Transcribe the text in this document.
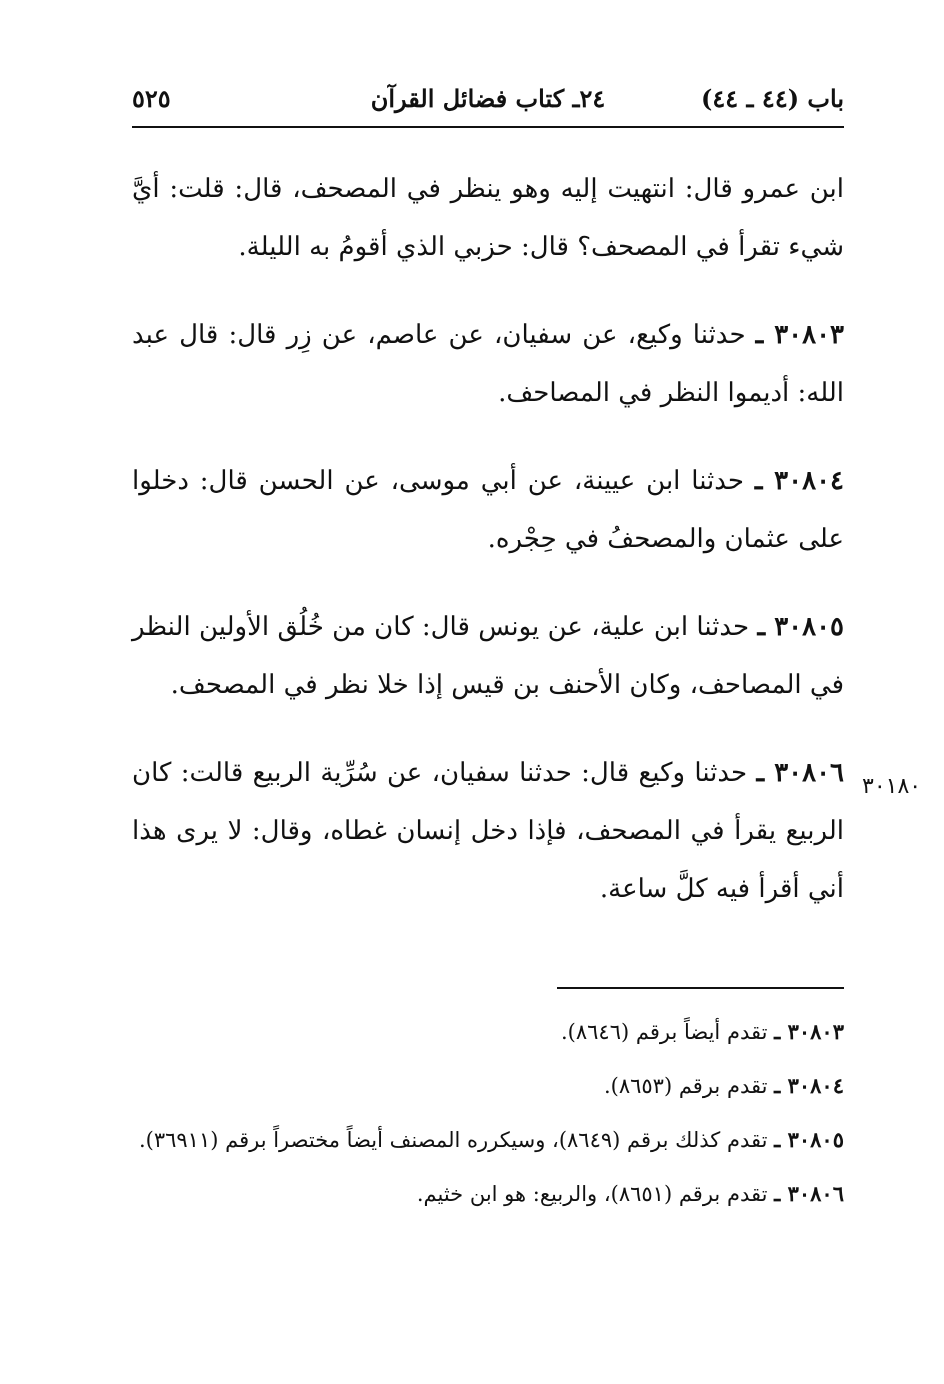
باب (٤٤ ـ ٤٤)
٢٤ـ كتاب فضائل القرآن
٥٢٥

ابن عمرو قال: انتهيت إليه وهو ينظر في المصحف، قال: قلت: أيَّ شيء تقرأ في المصحف؟ قال: حزبي الذي أقومُ به الليلة.

٣٠٨٠٣ ـ حدثنا وكيع، عن سفيان، عن عاصم، عن زِر قال: قال عبد الله: أديموا النظر في المصاحف.

٣٠٨٠٤ ـ حدثنا ابن عيينة، عن أبي موسى، عن الحسن قال: دخلوا على عثمان والمصحفُ في حِجْره.

٣٠٨٠٥ ـ حدثنا ابن علية، عن يونس قال: كان من خُلُق الأولين النظر في المصاحف، وكان الأحنف بن قيس إذا خلا نظر في المصحف.

٣٠٨٠٦ ـ حدثنا وكيع قال: حدثنا سفيان، عن سُرِّية الربيع قالت: كان الربيع يقرأ في المصحف، فإذا دخل إنسان غطاه، وقال: لا يرى هذا أني أقرأ فيه كلَّ ساعة.

٣٠١٨٠

٣٠٨٠٣ ـ تقدم أيضاً برقم (٨٦٤٦).

٣٠٨٠٤ ـ تقدم برقم (٨٦٥٣).

٣٠٨٠٥ ـ تقدم كذلك برقم (٨٦٤٩)، وسيكرره المصنف أيضاً مختصراً برقم (٣٦٩١١).

٣٠٨٠٦ ـ تقدم برقم (٨٦٥١)، والربيع: هو ابن خثيم.
